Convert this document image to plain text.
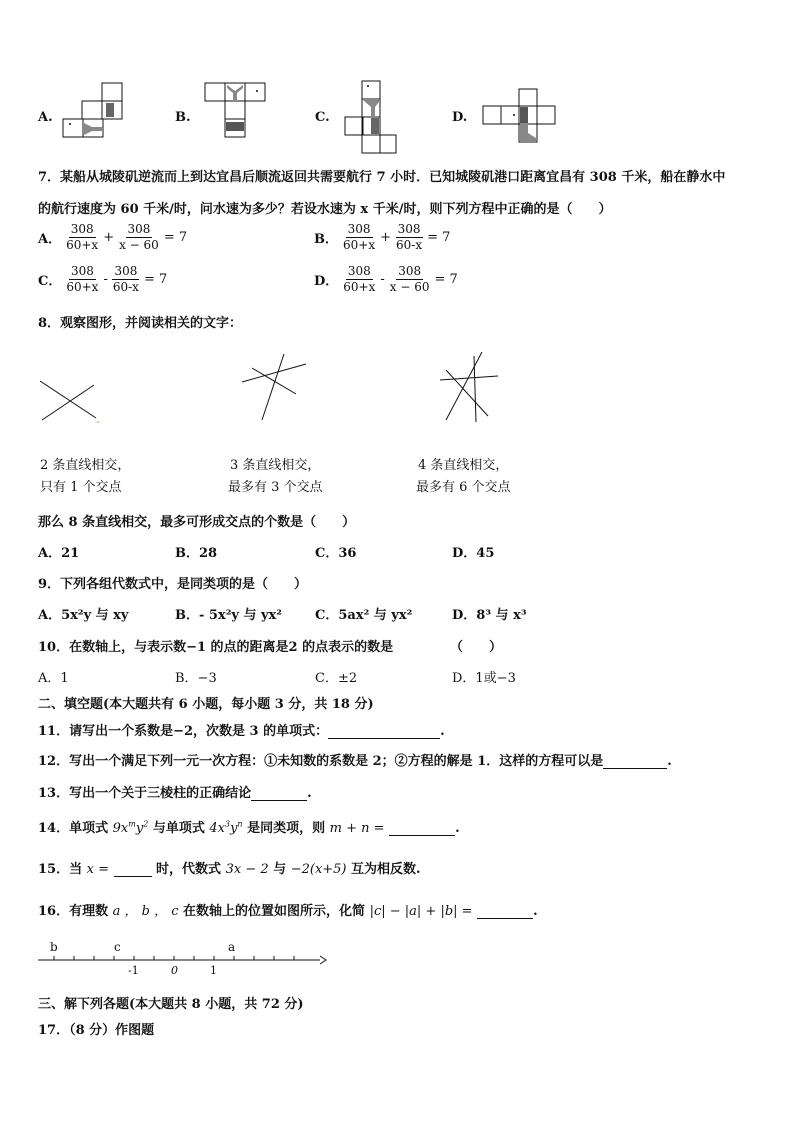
A.	B.	C.	D.
7．某船从城陵矶逆流而上到达宜昌后顺流返回共需要航行 7 小时．已知城陵矶港口距离宜昌有 308 千米，船在静水中
的航行速度为 60 千米/时，问水速为多少？若设水速为 x 千米/时，则下列方程中正确的是（　　）
A． $\frac{308}{60+x} + \frac{308}{x - 60} = 7$	B． $\frac{308}{60+x} + \frac{308}{60-x} = 7$
C． $\frac{308}{60+x} - \frac{308}{60-x} = 7$	D． $\frac{308}{60+x} - \frac{308}{x - 60} = 7$
8．观察图形，并阅读相关的文字：
2 条直线相交，
只有 1 个交点
3 条直线相交，
最多有 3 个交点
4 条直线相交，
最多有 6 个交点
那么 8 条直线相交，最多可形成交点的个数是（　　）
A．21	B．28	C．36	D．45
9．下列各组代数式中，是同类项的是（　　）
A．5x²y 与 xy	B．- 5x²y 与 yx²	C．5ax² 与 yx²	D．8³ 与 x³
10．在数轴上，与表示数−1 的点的距离是2 的点表示的数是	（　　）
A．1	B．−3	C．±2	D．1或−3
二、填空题(本大题共有 6 小题，每小题 3 分，共 18 分)
11．请写出一个系数是−2，次数是 3 的单项式：	.
12．写出一个满足下列一元一次方程：①未知数的系数是 2；②方程的解是 1．这样的方程可以是	.
13．写出一个关于三棱柱的正确结论	.
14．单项式 $9x^my^2$ 与单项式 $4x^3y^n$ 是同类项，则 m + n =	.
15．当 x =	时，代数式 3x − 2 与 −2(x+5) 互为相反数.
16．有理数 a ， b ， c 在数轴上的位置如图所示，化简 |c| − |a| + |b| =	.
b	c	a
-1	0	1
三、解下列各题(本大题共 8 小题，共 72 分)
17．（8 分）作图题
